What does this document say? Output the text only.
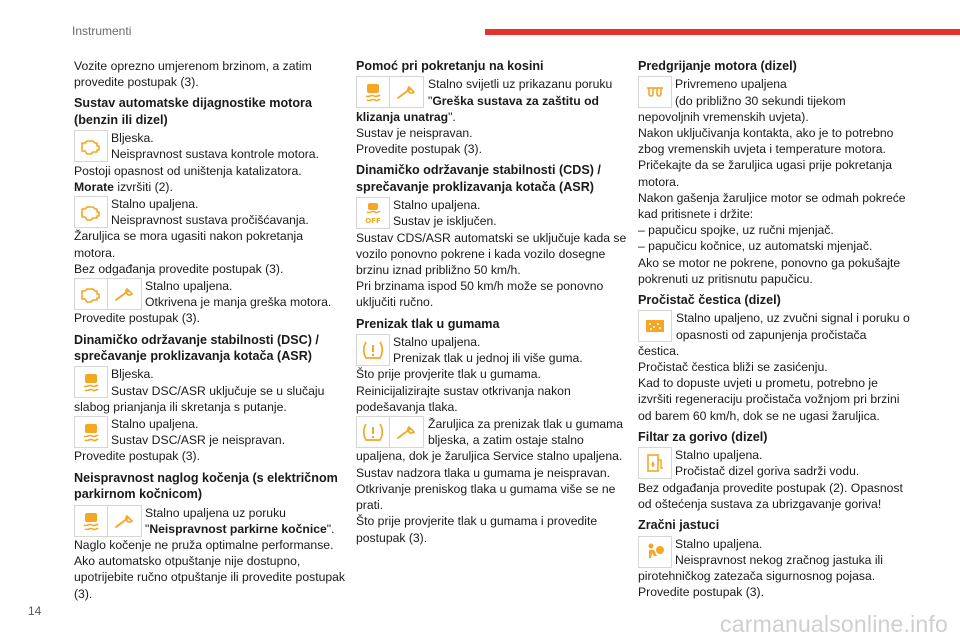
Instrumenti

Vozite oprezno umjerenom brzinom, a zatim provedite postupak (3).

Sustav automatske dijagnostike motora (benzin ili dizel)
Bljeska.
Neispravnost sustava kontrole motora.

Postoji opasnost od uništenja katalizatora.

Morate izvršiti (2).

Stalno upaljena.
Neispravnost sustava pročišćavanja.

Žaruljica se mora ugasiti nakon pokretanja motora.
Bez odgađanja provedite postupak (3).

Stalno upaljena.
Otkrivena je manja greška motora.

Provedite postupak (3).

Dinamičko održavanje stabilnosti (DSC) / sprečavanje proklizavanja kotača (ASR)
Bljeska.
Sustav DSC/ASR uključuje se u slučaju

slabog prianjanja ili skretanja s putanje.

Stalno upaljena.
Sustav DSC/ASR je neispravan.

Provedite postupak (3).

Neispravnost naglog kočenja (s električnom parkirnom kočnicom)
Stalno upaljena uz poruku "Neispravnost parkirne kočnice".

Naglo kočenje ne pruža optimalne performanse.
Ako automatsko otpuštanje nije dostupno, upotrijebite ručno otpuštanje ili provedite postupak (3).

Pomoć pri pokretanju na kosini
Stalno svijetli uz prikazanu poruku "Greška sustava za zaštitu od klizanja unatrag".

Sustav je neispravan.
Provedite postupak (3).

Dinamičko održavanje stabilnosti (CDS) / sprečavanje proklizavanja kotača (ASR)
Stalno upaljena.
Sustav je isključen.

Sustav CDS/ASR automatski se uključuje kada se vozilo ponovno pokrene i kada vozilo dosegne brzinu iznad približno 50 km/h.
Pri brzinama ispod 50 km/h može se ponovno uključiti ručno.

Prenizak tlak u gumama
Stalno upaljena.
Prenizak tlak u jednoj ili više guma.

Što prije provjerite tlak u gumama.
Reinicijalizirajte sustav otkrivanja nakon podešavanja tlaka.

Žaruljica za prenizak tlak u gumama bljeska, a zatim ostaje stalno upaljena, dok je žaruljica Service stalno upaljena.

Sustav nadzora tlaka u gumama je neispravan. Otkrivanje preniskog tlaka u gumama više se ne prati.
Što prije provjerite tlak u gumama i provedite postupak (3).

Predgrijanje motora (dizel)
Privremeno upaljena
(do približno 30 sekundi tijekom

nepovoljnih vremenskih uvjeta).
Nakon uključivanja kontakta, ako je to potrebno zbog vremenskih uvjeta i temperature motora. Pričekajte da se žaruljica ugasi prije pokretanja motora.
Nakon gašenja žaruljice motor se odmah pokreće kad pritisnete i držite:
– papučicu spojke, uz ručni mjenjač.
– papučicu kočnice, uz automatski mjenjač.
Ako se motor ne pokrene, ponovno ga pokušajte pokrenuti uz pritisnutu papučicu.

Pročistač čestica (dizel)
Stalno upaljeno, uz zvučni signal i poruku o opasnosti od zapunjenja pročistača čestica.

Pročistač čestica bliži se zasićenju.
Kad to dopuste uvjeti u prometu, potrebno je izvršiti regeneraciju pročistača vožnjom pri brzini od barem 60 km/h, dok se ne ugasi žaruljica.

Filtar za gorivo (dizel)
Stalno upaljena.
Pročistač dizel goriva sadrži vodu.

Bez odgađanja provedite postupak (2). Opasnost od oštećenja sustava za ubrizgavanje goriva!

Zračni jastuci
Stalno upaljena.
Neispravnost nekog zračnog jastuka ili

pirotehničkog zatezača sigurnosnog pojasa.
Provedite postupak (3).

14	carmanualsonline.info
